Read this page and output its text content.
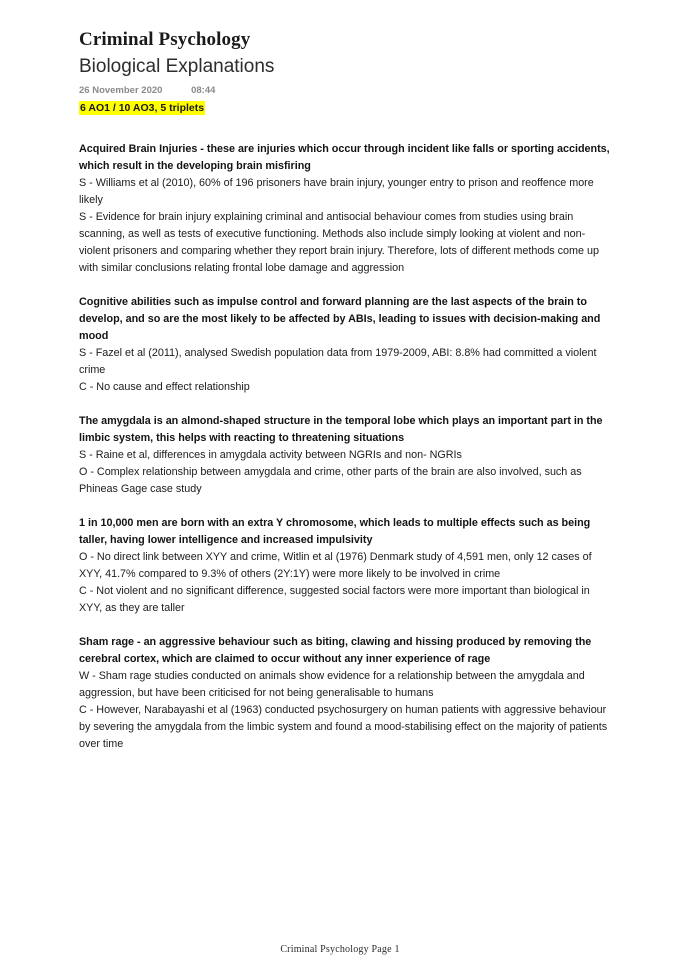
Criminal Psychology
Biological Explanations
26 November 2020	08:44
6 AO1 / 10 AO3, 5 triplets

Acquired Brain Injuries - these are injuries which occur through incident like falls or sporting accidents, which result in the developing brain misfiring

S - Williams et al (2010), 60% of 196 prisoners have brain injury, younger entry to prison and reoffence more likely

S - Evidence for brain injury explaining criminal and antisocial behaviour comes from studies using brain scanning, as well as tests of executive functioning. Methods also include simply looking at violent and non-violent prisoners and comparing whether they report brain injury. Therefore, lots of different methods come up with similar conclusions relating frontal lobe damage and aggression

Cognitive abilities such as impulse control and forward planning are the last aspects of the brain to develop, and so are the most likely to be affected by ABIs, leading to issues with decision-making and mood

S - Fazel et al (2011), analysed Swedish population data from 1979-2009, ABI: 8.8% had committed a violent crime

C - No cause and effect relationship

The amygdala is an almond-shaped structure in the temporal lobe which plays an important part in the limbic system, this helps with reacting to threatening situations

S - Raine et al, differences in amygdala activity between NGRIs and non- NGRIs

O - Complex relationship between amygdala and crime, other parts of the brain are also involved, such as Phineas Gage case study

1 in 10,000 men are born with an extra Y chromosome, which leads to multiple effects such as being taller, having lower intelligence and increased impulsivity

O - No direct link between XYY and crime, Witlin et al (1976) Denmark study of 4,591 men, only 12 cases of XYY, 41.7% compared to 9.3% of others (2Y:1Y) were more likely to be involved in crime

C - Not violent and no significant difference, suggested social factors were more important than biological in XYY, as they are taller

Sham rage - an aggressive behaviour such as biting, clawing and hissing produced by removing the cerebral cortex, which are claimed to occur without any inner experience of rage

W - Sham rage studies conducted on animals show evidence for a relationship between the amygdala and aggression, but have been criticised for not being generalisable to humans

C - However, Narabayashi et al (1963) conducted psychosurgery on human patients with aggressive behaviour by severing the amygdala from the limbic system and found a mood-stabilising effect on the majority of patients over time

Criminal Psychology Page 1
